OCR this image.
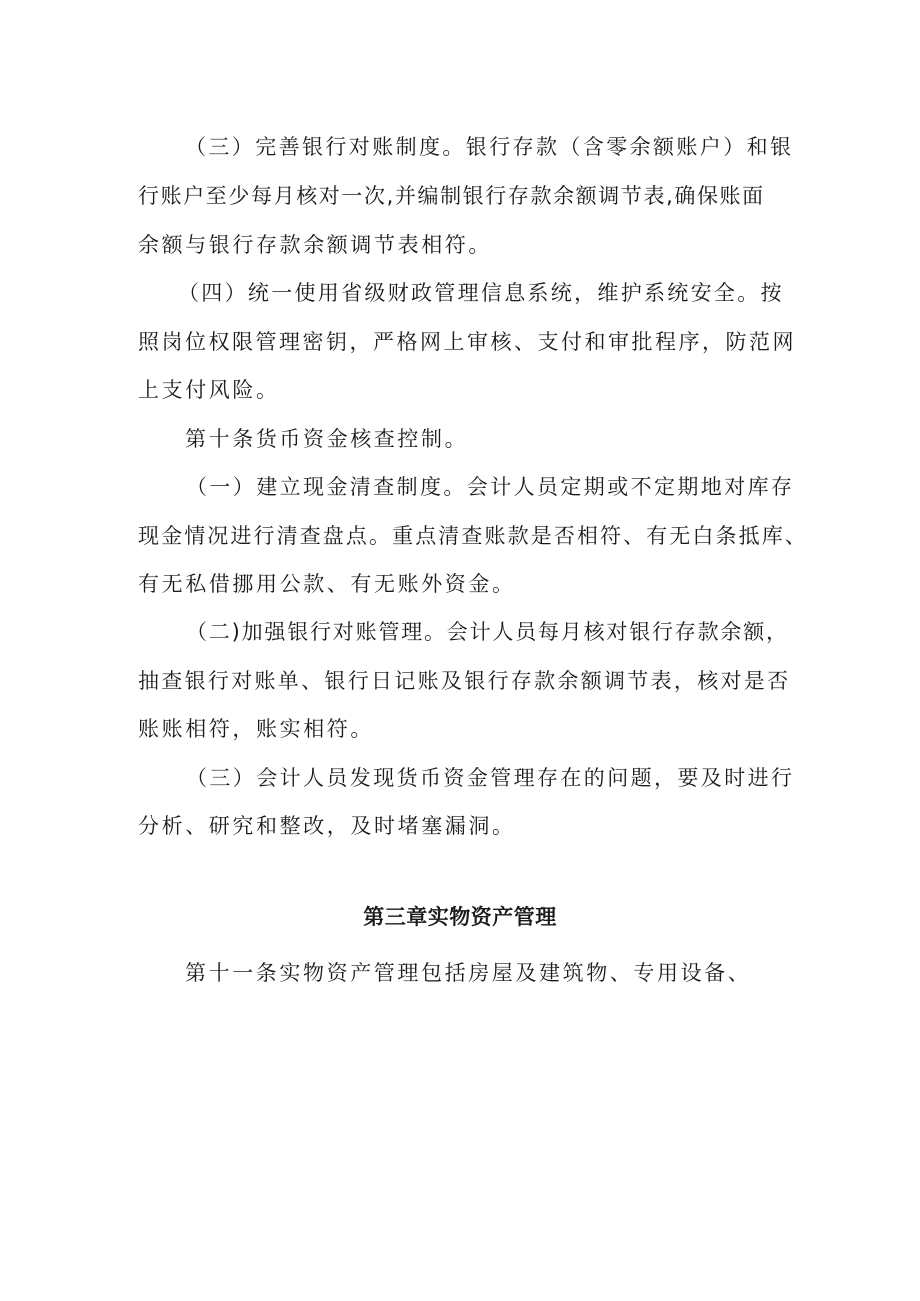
（三）完善银行对账制度。银行存款（含零余额账户）和银
行账户至少每月核对一次,并编制银行存款余额调节表,确保账面
余额与银行存款余额调节表相符。
（四）统一使用省级财政管理信息系统，维护系统安全。按
照岗位权限管理密钥，严格网上审核、支付和审批程序，防范网
上支付风险。
第十条货币资金核查控制。
（一）建立现金清查制度。会计人员定期或不定期地对库存
现金情况进行清查盘点。重点清查账款是否相符、有无白条抵库、
有无私借挪用公款、有无账外资金。
（二)加强银行对账管理。会计人员每月核对银行存款余额，
抽查银行对账单、银行日记账及银行存款余额调节表，核对是否
账账相符，账实相符。
（三）会计人员发现货币资金管理存在的问题，要及时进行
分析、研究和整改，及时堵塞漏洞。
第三章实物资产管理
第十一条实物资产管理包括房屋及建筑物、专用设备、
